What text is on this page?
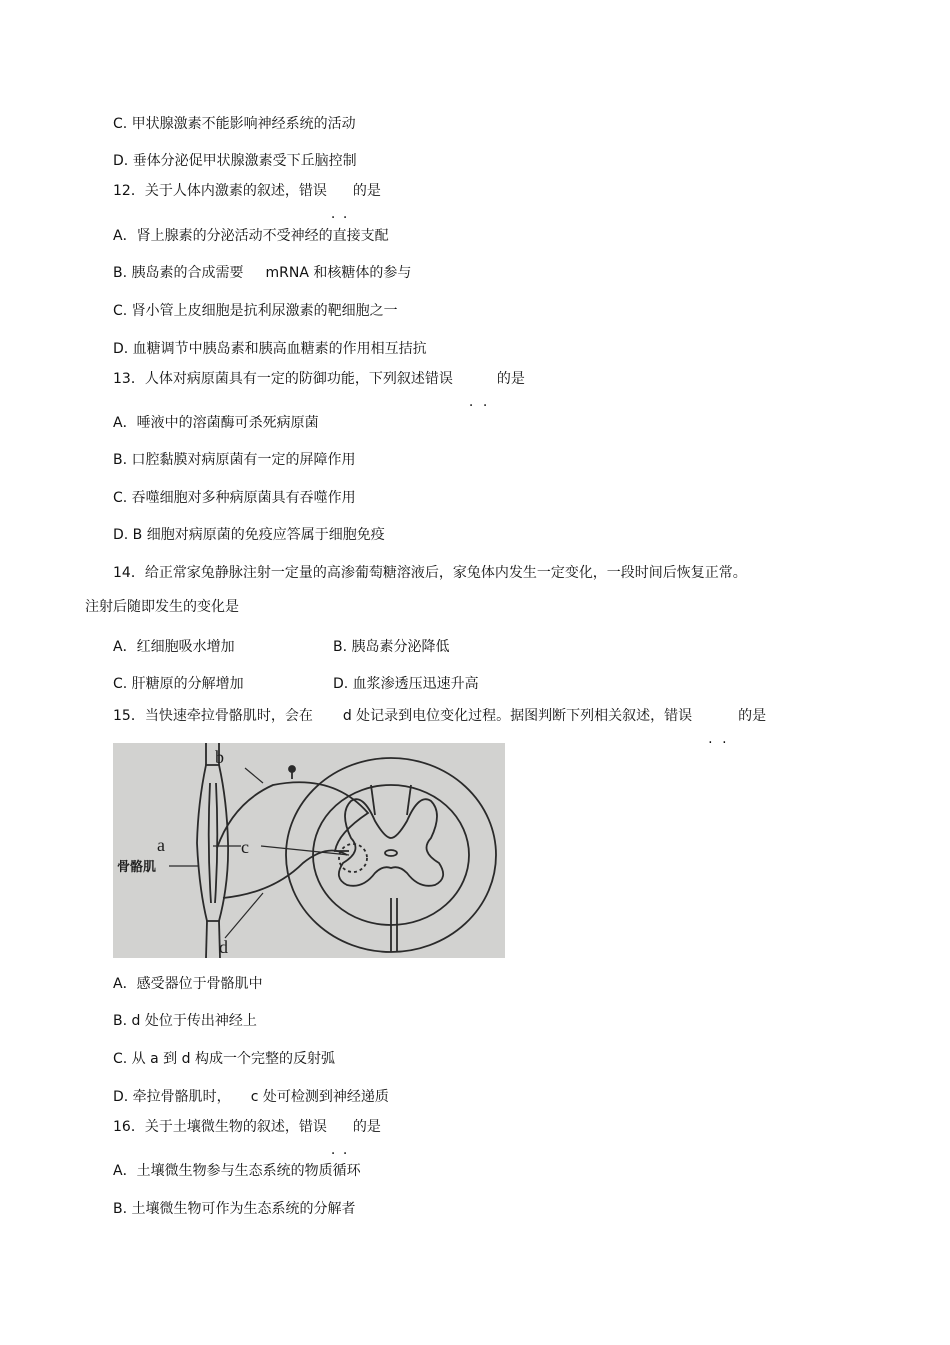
C. 甲状腺激素不能影响神经系统的活动
D. 垂体分泌促甲状腺激素受下丘脑控制
12．关于人体内激素的叙述，错误
. .
的是
A．肾上腺素的分泌活动不受神经的直接支配
B. 胰岛素的合成需要 mRNA 和核糖体的参与
C. 肾小管上皮细胞是抗利尿激素的靶细胞之一
D. 血糖调节中胰岛素和胰高血糖素的作用相互拮抗
13．人体对病原菌具有一定的防御功能，下列叙述错误
. .
的是
A．唾液中的溶菌酶可杀死病原菌
B. 口腔黏膜对病原菌有一定的屏障作用
C. 吞噬细胞对多种病原菌具有吞噬作用
D. B 细胞对病原菌的免疫应答属于细胞免疫
14．给正常家兔静脉注射一定量的高渗葡萄糖溶液后，家兔体内发生一定变化，一段时间后恢复正常。
注射后随即发生的变化是
A．红细胞吸水增加	B. 胰岛素分泌降低
C. 肝糖原的分解增加	D. 血浆渗透压迅速升高
15．当快速牵拉骨骼肌时，会在 d 处记录到电位变化过程。据图判断下列相关叙述，错误
. .
的是
b
a	c
d
骨骼肌
A．感受器位于骨骼肌中
B. d 处位于传出神经上
C. 从 a 到 d 构成一个完整的反射弧
D. 牵拉骨骼肌时， c 处可检测到神经递质
16．关于土壤微生物的叙述，错误
. .
的是
A．土壤微生物参与生态系统的物质循环
B. 土壤微生物可作为生态系统的分解者
